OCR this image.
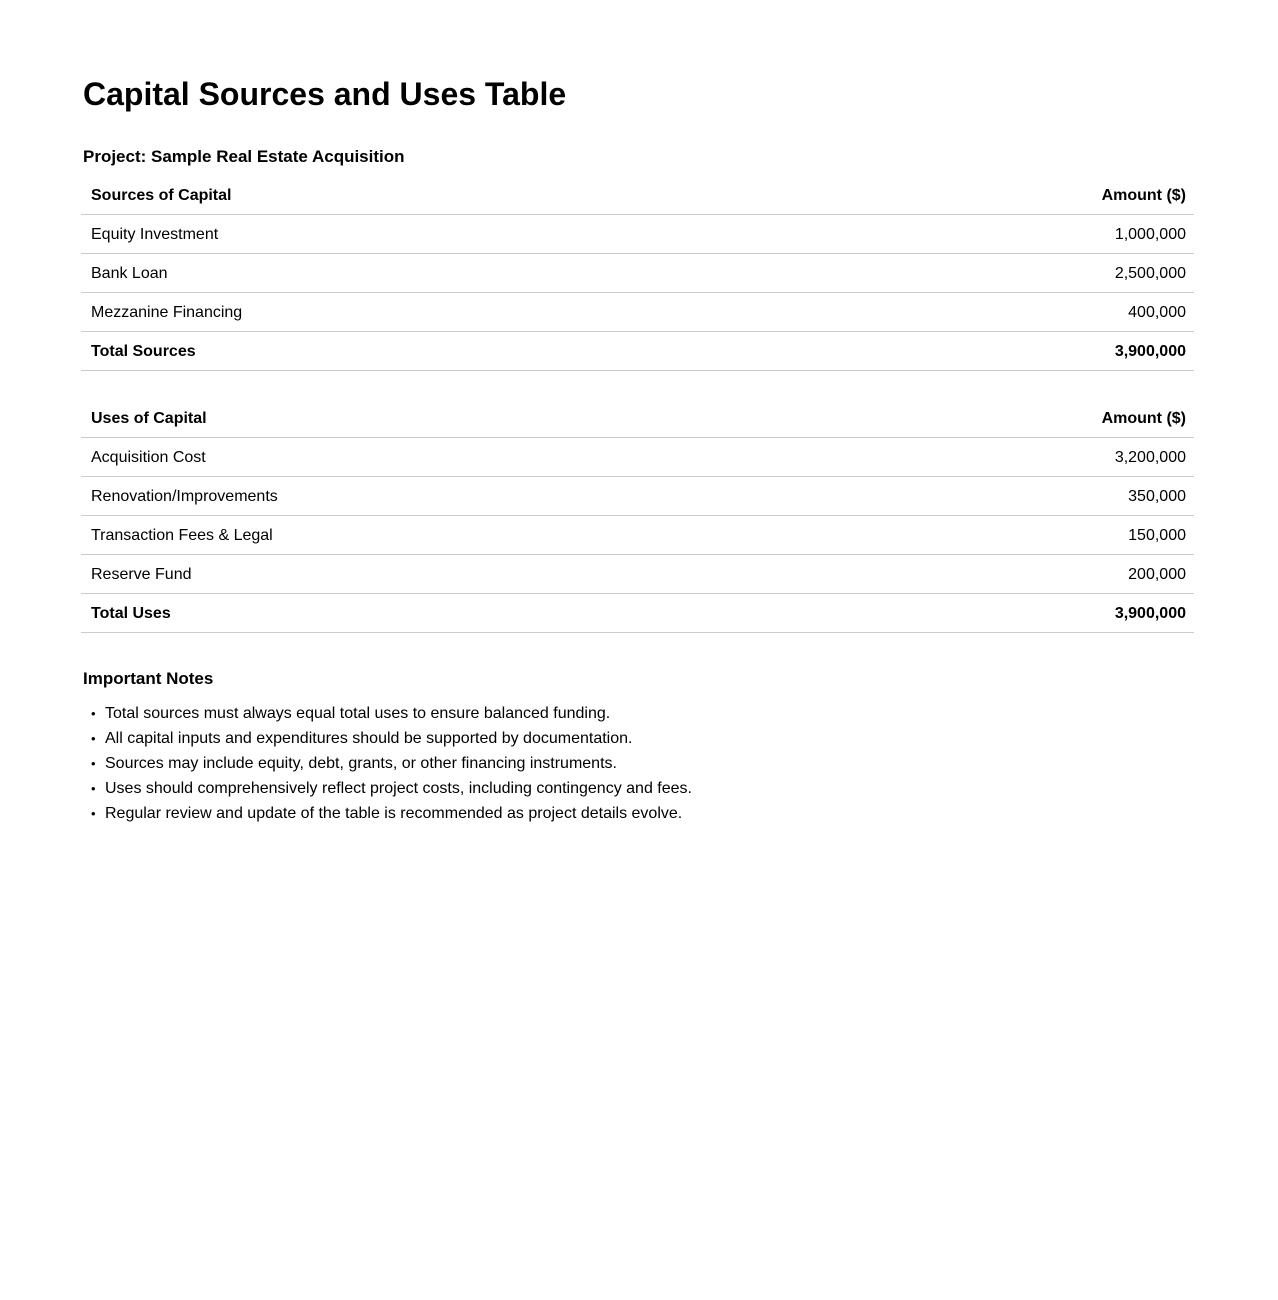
Capital Sources and Uses Table
Project: Sample Real Estate Acquisition
Sources of Capital	Amount ($)
Equity Investment	1,000,000
Bank Loan	2,500,000
Mezzanine Financing	400,000
Total Sources	3,900,000
Uses of Capital	Amount ($)
Acquisition Cost	3,200,000
Renovation/Improvements	350,000
Transaction Fees & Legal	150,000
Reserve Fund	200,000
Total Uses	3,900,000
Important Notes
• Total sources must always equal total uses to ensure balanced funding.
• All capital inputs and expenditures should be supported by documentation.
• Sources may include equity, debt, grants, or other financing instruments.
• Uses should comprehensively reflect project costs, including contingency and fees.
• Regular review and update of the table is recommended as project details evolve.
